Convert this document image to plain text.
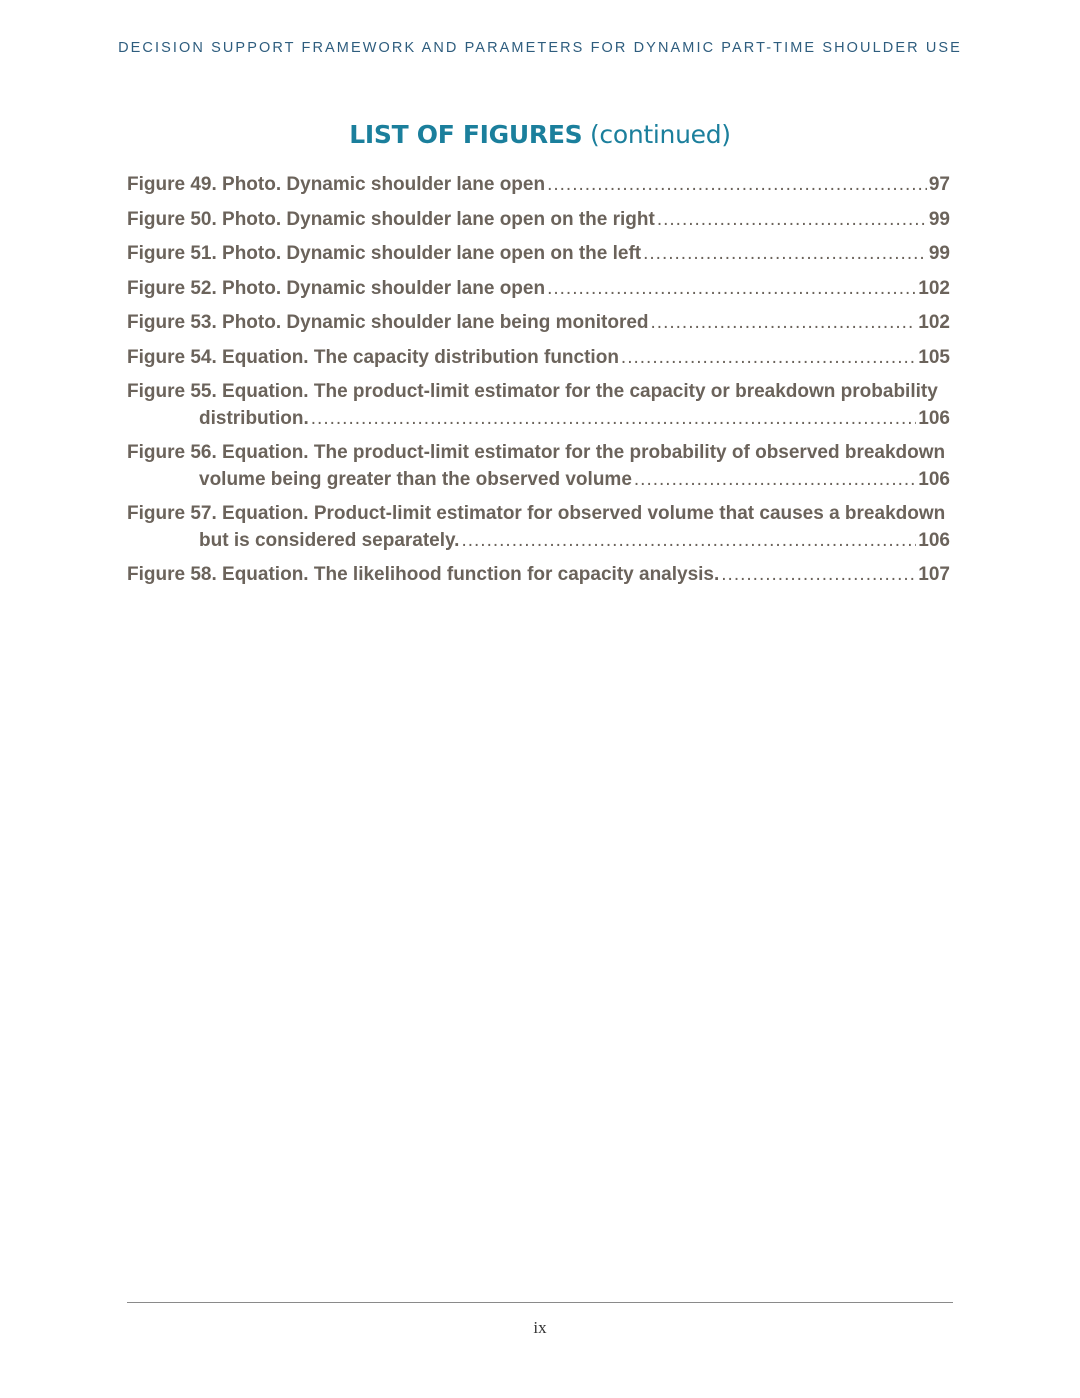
DECISION SUPPORT FRAMEWORK AND PARAMETERS FOR DYNAMIC PART-TIME SHOULDER USE
LIST OF FIGURES (continued)
Figure 49. Photo. Dynamic shoulder lane open .....	97
Figure 50. Photo. Dynamic shoulder lane open on the right .....	99
Figure 51. Photo. Dynamic shoulder lane open on the left .....	99
Figure 52. Photo. Dynamic shoulder lane open .....	102
Figure 53. Photo. Dynamic shoulder lane being monitored .....	102
Figure 54. Equation. The capacity distribution function .....	105
Figure 55. Equation. The product-limit estimator for the capacity or breakdown probability
distribution. .....	106
Figure 56. Equation. The product-limit estimator for the probability of observed breakdown
volume being greater than the observed volume .....	106
Figure 57. Equation. Product-limit estimator for observed volume that causes a breakdown
but is considered separately. .....	106
Figure 58. Equation. The likelihood function for capacity analysis. .....	107
ix
